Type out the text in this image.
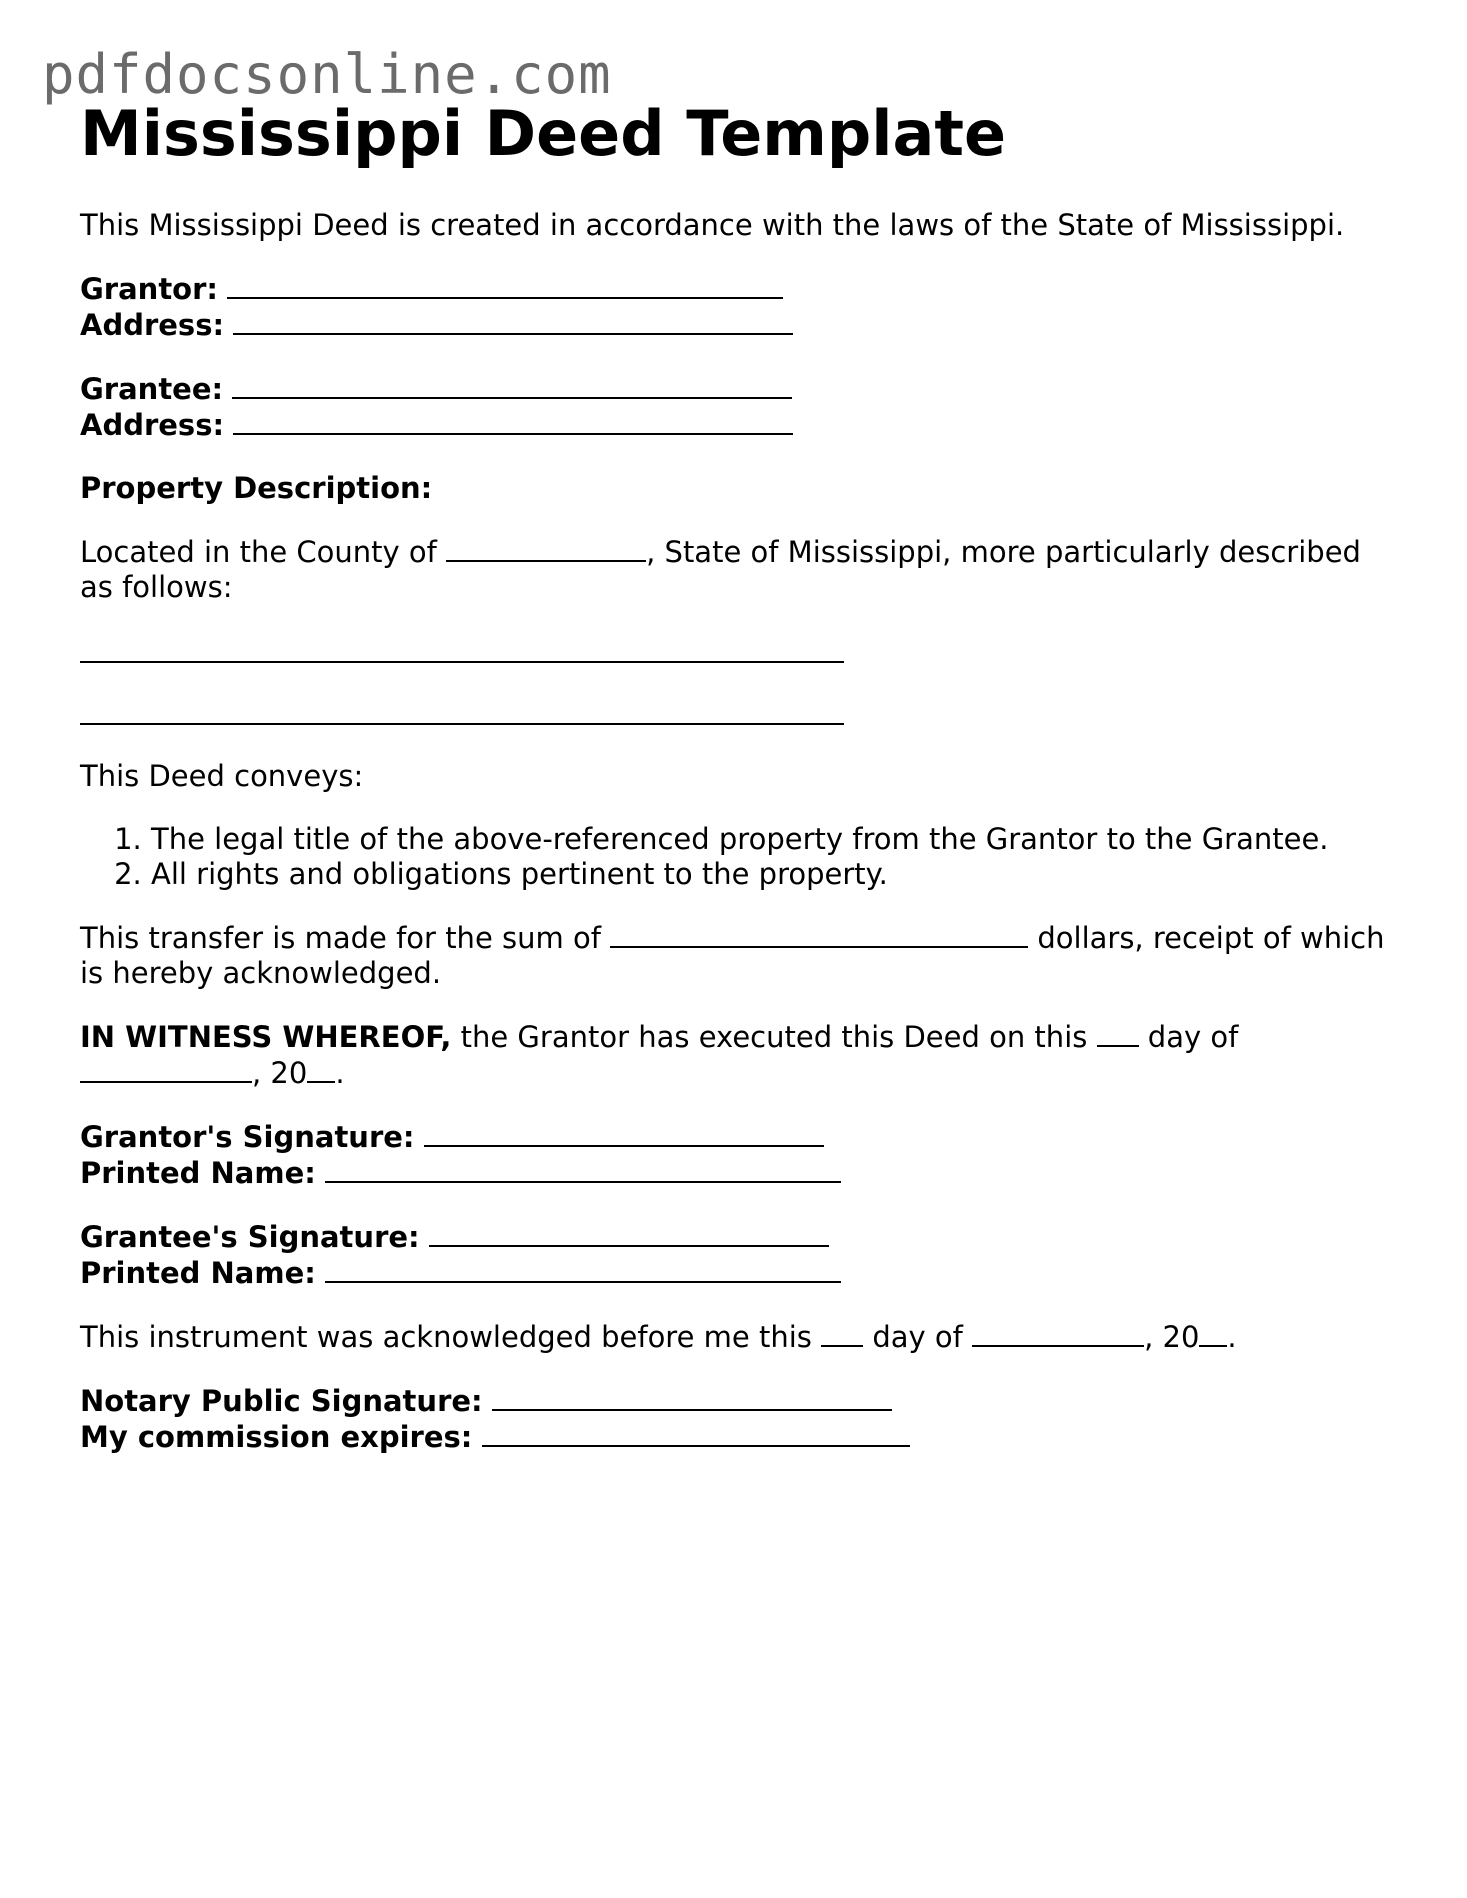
pdfdocsonline.com
Mississippi Deed Template

This Mississippi Deed is created in accordance with the laws of the State of Mississippi.

Grantor:
Address:
Grantee:
Address:

Property Description:

Located in the County of	, State of Mississippi, more particularly described as follows:

This Deed conveys:

1. The legal title of the above-referenced property from the Grantor to the Grantee.
2. All rights and obligations pertinent to the property.

This transfer is made for the sum of	dollars, receipt of which is hereby acknowledged.

IN WITNESS WHEREOF, the Grantor has executed this Deed on this day of , 20 .

Grantor's Signature:
Printed Name:
Grantee's Signature:
Printed Name:

This instrument was acknowledged before me this day of	, 20 .

Notary Public Signature:
My commission expires:
